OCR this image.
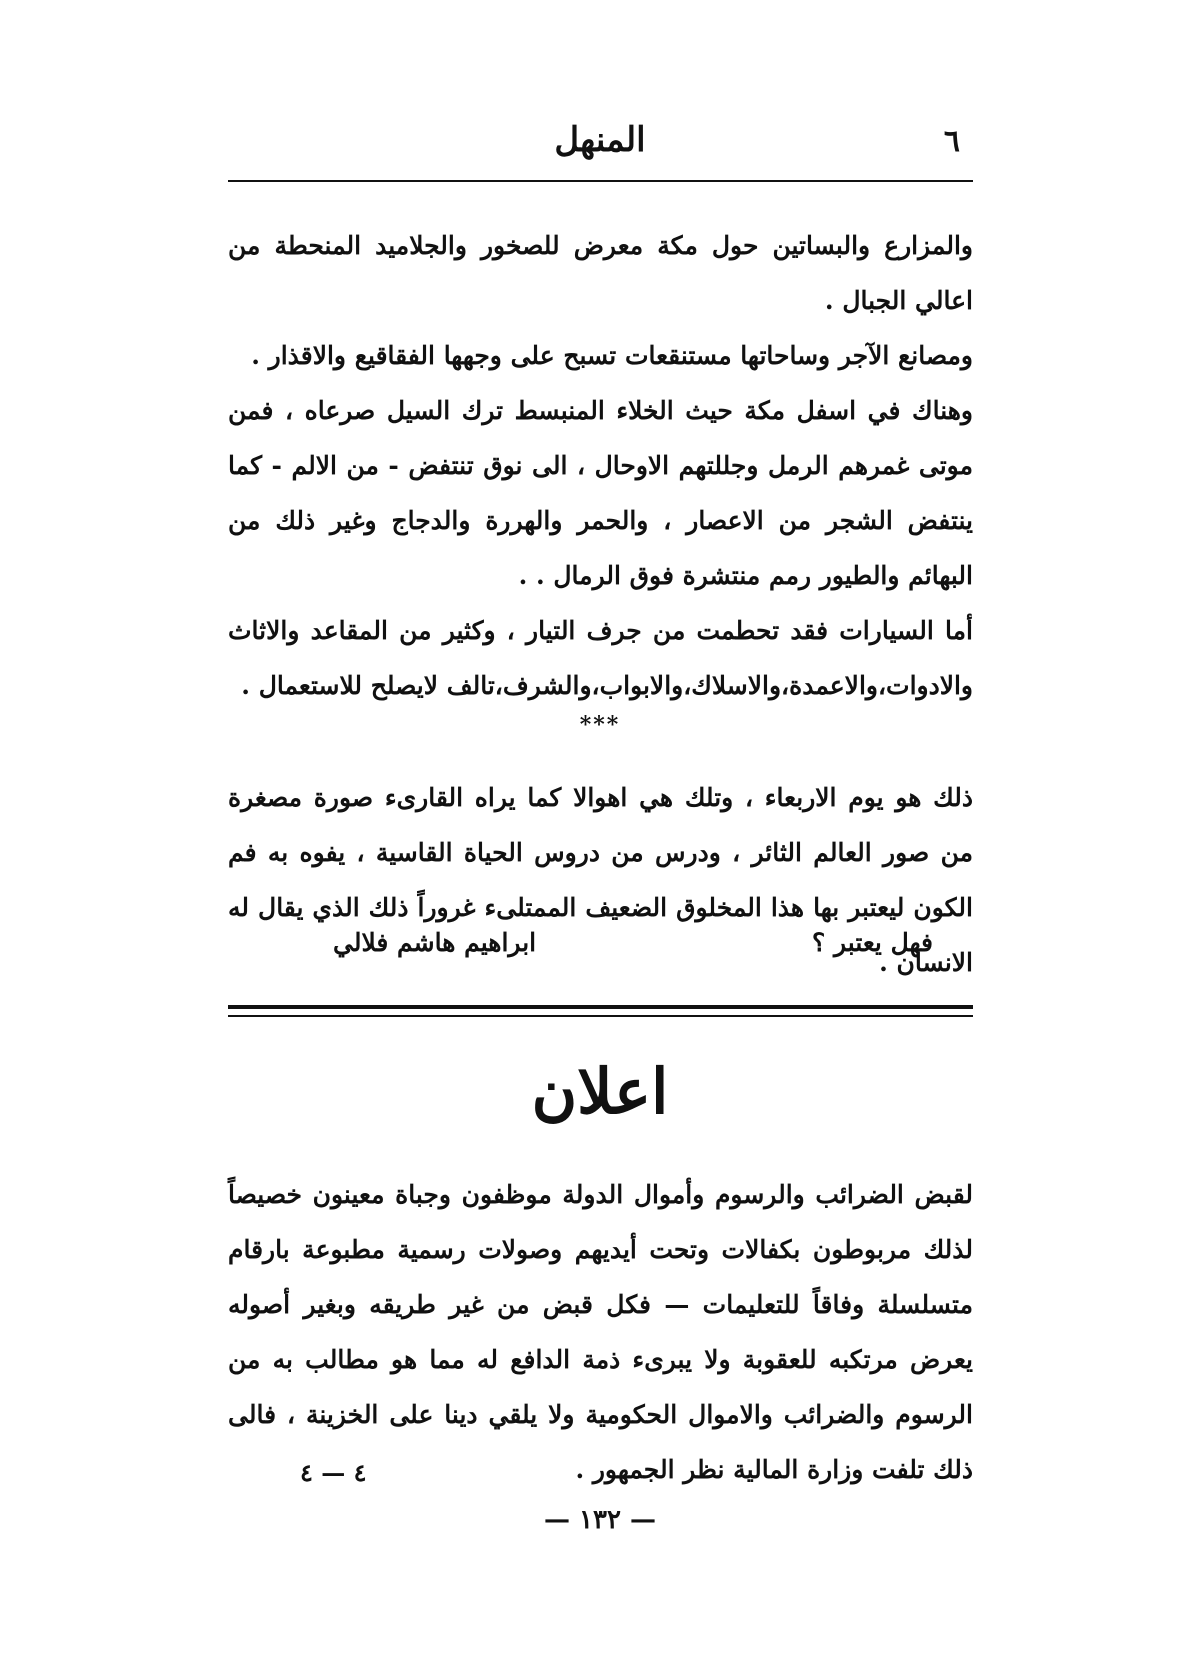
٦
المنهل

والمزارع والبساتين حول مكة معرض للصخور والجلاميد المنحطة من اعالي الجبال .

ومصانع الآجر وساحاتها مستنقعات تسبح على وجهها الفقاقيع والاقذار .

وهناك في اسفل مكة حيث الخلاء المنبسط ترك السيل صرعاه ، فمن موتى غمرهم الرمل وجللتهم الاوحال ، الى نوق تنتفض - من الالم - كما ينتفض الشجر من الاعصار ، والحمر والهررة والدجاج وغير ذلك من البهائم والطيور رمم منتشرة فوق الرمال . .

أما السيارات فقد تحطمت من جرف التيار ، وكثير من المقاعد والاثاث والادوات،والاعمدة،والاسلاك،والابواب،والشرف،تالف لايصلح للاستعمال .

***

ذلك هو يوم الاربعاء ، وتلك هي اهوالا كما يراه القارىء صورة مصغرة من صور العالم الثائر ، ودرس من دروس الحياة القاسية ، يفوه به فم الكون ليعتبر بها هذا المخلوق الضعيف الممتلىء غروراً ذلك الذي يقال له الانسان .

فهل يعتبر ؟
ابراهيم هاشم فلالي
اعلان

لقبض الضرائب والرسوم وأموال الدولة موظفون وجباة معينون خصيصاً لذلك مربوطون بكفالات وتحت أيديهم وصولات رسمية مطبوعة بارقام متسلسلة وفاقاً للتعليمات — فكل قبض من غير طريقه وبغير أصوله يعرض مرتكبه للعقوبة ولا يبرىء ذمة الدافع له مما هو مطالب به من الرسوم والضرائب والاموال الحكومية ولا يلقي دينا على الخزينة ، فالى ذلك تلفت وزارة المالية نظر الجمهور .

٤ — ٤
— ١٣٢ —
